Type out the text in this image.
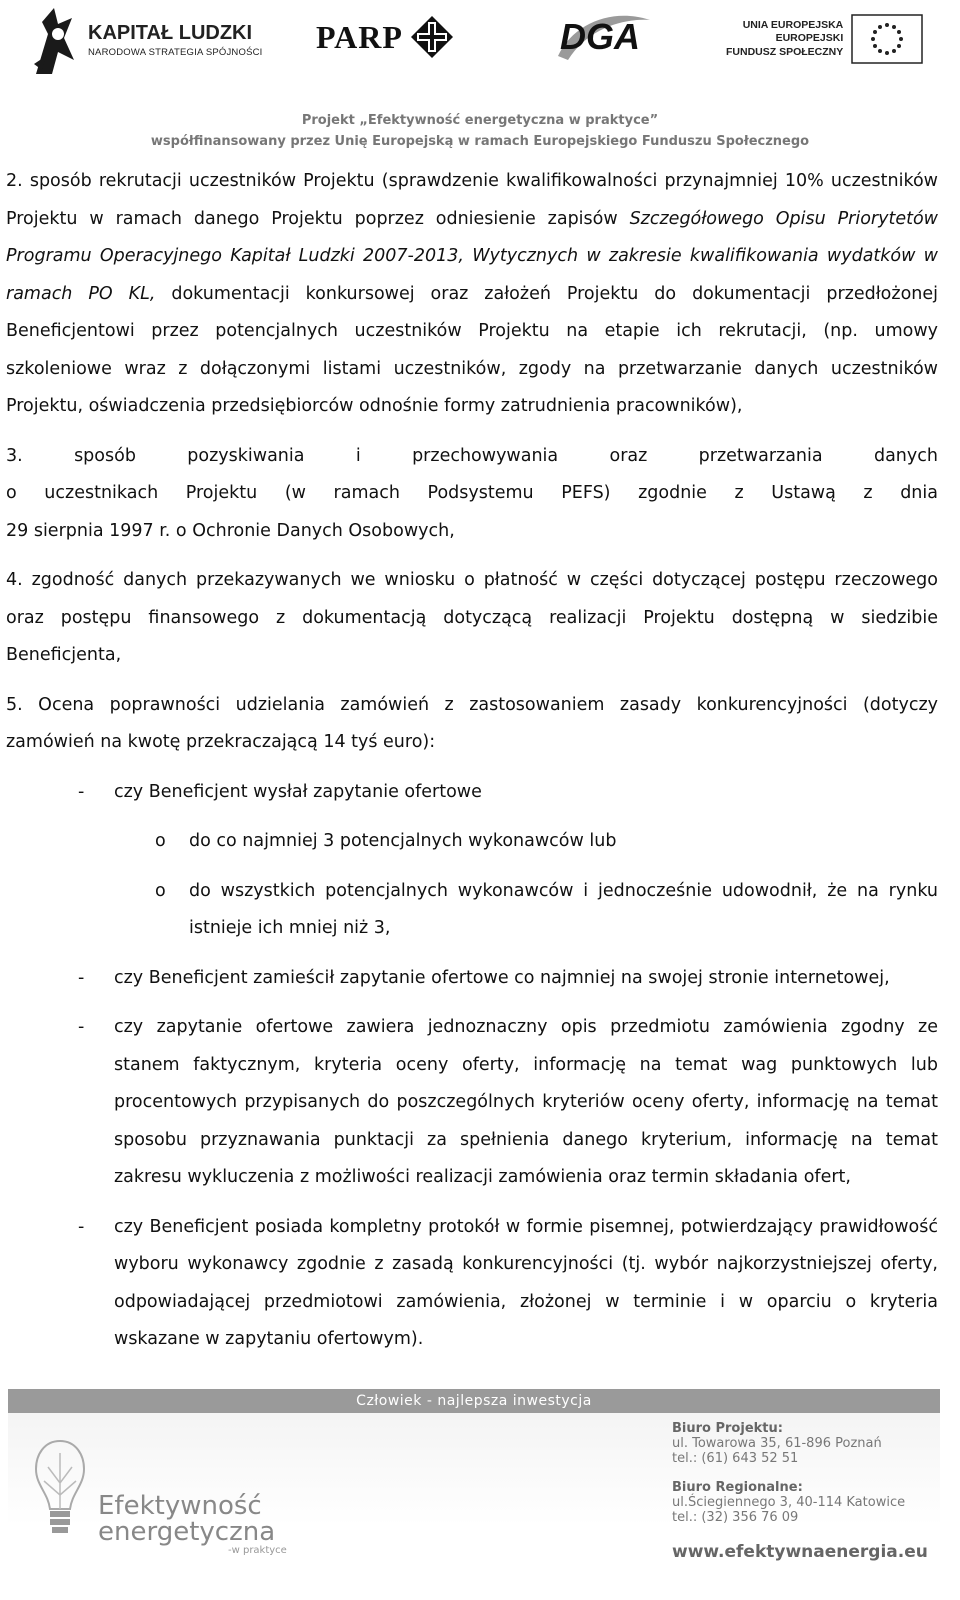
KAPITAŁ LUDZKI
NARODOWA STRATEGIA SPÓJNOŚCI PARP	DGA	UNIA EUROPEJSKA
EUROPEJSKI
FUNDUSZ SPOŁECZNY
Projekt „Efektywność energetyczna w praktyce”
współfinansowany przez Unię Europejską w ramach Europejskiego Funduszu Społecznego

2. sposób rekrutacji uczestników Projektu (sprawdzenie kwalifikowalności przynajmniej 10% uczestników Projektu w ramach danego Projektu poprzez odniesienie zapisów Szczegółowego Opisu Priorytetów Programu Operacyjnego Kapitał Ludzki 2007-2013, Wytycznych w zakresie kwalifikowania wydatków w ramach PO KL, dokumentacji konkursowej oraz założeń Projektu do dokumentacji przedłożonej Beneficjentowi przez potencjalnych uczestników Projektu na etapie ich rekrutacji, (np. umowy szkoleniowe wraz z dołączonymi listami uczestników, zgody na przetwarzanie danych uczestników Projektu, oświadczenia przedsiębiorców odnośnie formy zatrudnienia pracowników),

3.	sposób	pozyskiwania	i	przechowywania	oraz	przetwarzania	danych
o uczestnikach Projektu (w ramach Podsystemu PEFS) zgodnie z Ustawą z dnia
29 sierpnia 1997 r. o Ochronie Danych Osobowych,

4. zgodność danych przekazywanych we wniosku o płatność w części dotyczącej postępu rzeczowego oraz postępu finansowego z dokumentacją dotyczącą realizacji Projektu dostępną w siedzibie Beneficjenta,

5. Ocena poprawności udzielania zamówień z zastosowaniem zasady konkurencyjności (dotyczy zamówień na kwotę przekraczającą 14 tyś euro):

- czy Beneficjent wysłał zapytanie ofertowe
o do co najmniej 3 potencjalnych wykonawców lub
o do wszystkich potencjalnych wykonawców i jednocześnie udowodnił, że na rynku istnieje ich mniej niż 3,
- czy Beneficjent zamieścił zapytanie ofertowe co najmniej na swojej stronie internetowej,
- czy zapytanie ofertowe zawiera jednoznaczny opis przedmiotu zamówienia zgodny ze stanem faktycznym, kryteria oceny oferty, informację na temat wag punktowych lub procentowych przypisanych do poszczególnych kryteriów oceny oferty, informację na temat sposobu przyznawania punktacji za spełnienia danego kryterium, informację na temat zakresu wykluczenia z możliwości realizacji zamówienia oraz termin składania ofert,
- czy Beneficjent posiada kompletny protokół w formie pisemnej, potwierdzający prawidłowość wyboru wykonawcy zgodnie z zasadą konkurencyjności (tj. wybór najkorzystniejszej oferty, odpowiadającej przedmiotowi zamówienia, złożonej w terminie i w oparciu o kryteria wskazane w zapytaniu ofertowym).
Człowiek - najlepsza inwestycja
Efektywność
energetyczna
-w praktyce
Biuro Projektu:
ul. Towarowa 35, 61-896 Poznań
tel.: (61) 643 52 51
Biuro Regionalne:
ul.Ściegiennego 3, 40-114 Katowice
tel.: (32) 356 76 09
www.efektywnaenergia.eu
